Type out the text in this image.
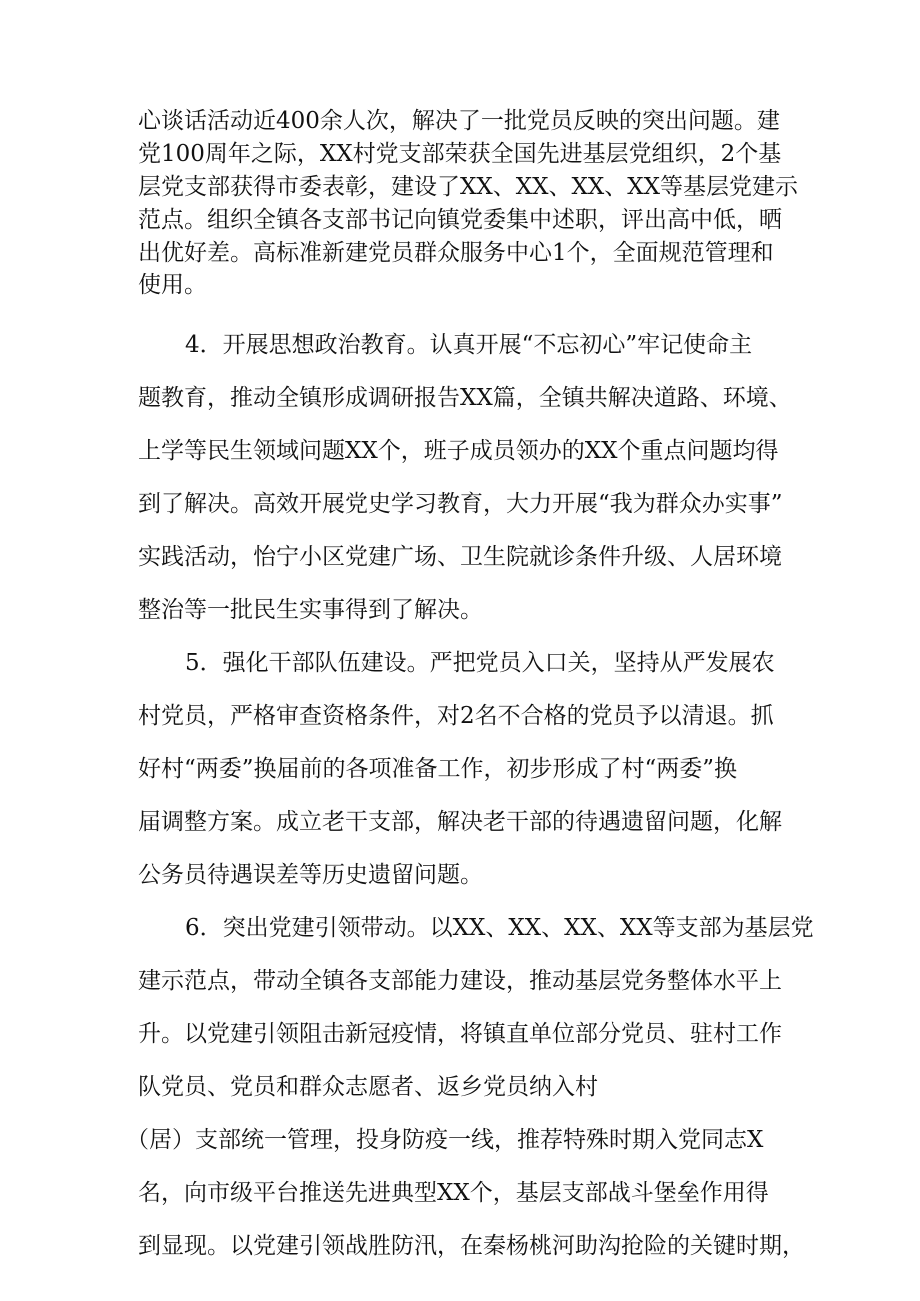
心谈话活动近400余人次，解决了一批党员反映的突出问题。建
党100周年之际，XX村党支部荣获全国先进基层党组织，2个基
层党支部获得市委表彰，建设了XX、XX、XX、XX等基层党建示
范点。组织全镇各支部书记向镇党委集中述职，评出高中低，晒
出优好差。高标准新建党员群众服务中心1个，全面规范管理和
使用。
4．开展思想政治教育。认真开展“不忘初心”牢记使命主
题教育，推动全镇形成调研报告XX篇，全镇共解决道路、环境、
上学等民生领域问题XX个，班子成员领办的XX个重点问题均得
到了解决。高效开展党史学习教育，大力开展“我为群众办实事”
实践活动，怡宁小区党建广场、卫生院就诊条件升级、人居环境
整治等一批民生实事得到了解决。
5．强化干部队伍建设。严把党员入口关，坚持从严发展农
村党员，严格审查资格条件，对2名不合格的党员予以清退。抓
好村“两委”换届前的各项准备工作，初步形成了村“两委”换
届调整方案。成立老干支部，解决老干部的待遇遗留问题，化解
公务员待遇误差等历史遗留问题。
6．突出党建引领带动。以XX、XX、XX、XX等支部为基层党
建示范点，带动全镇各支部能力建设，推动基层党务整体水平上
升。以党建引领阻击新冠疫情，将镇直单位部分党员、驻村工作
队党员、党员和群众志愿者、返乡党员纳入村
（居）支部统一管理，投身防疫一线，推荐特殊时期入党同志X
名，向市级平台推送先进典型XX个，基层支部战斗堡垒作用得
到显现。以党建引领战胜防汛，在秦杨桃河助沟抢险的关键时期，
